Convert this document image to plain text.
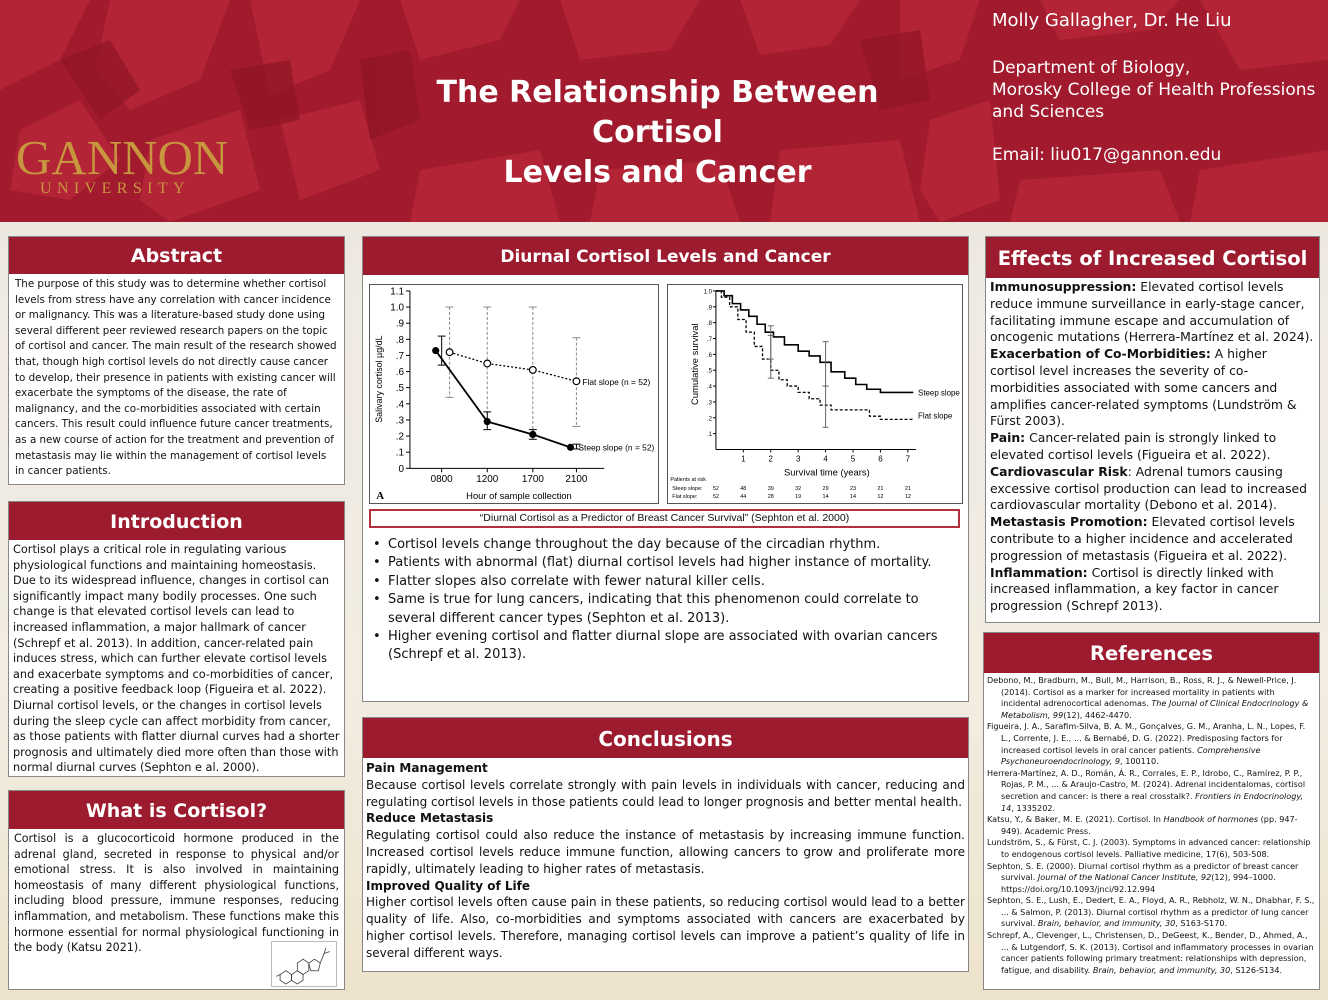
GANNON
UNIVERSITY
The Relationship Between Cortisol
Levels and Cancer
Molly Gallagher, Dr. He Liu
Department of Biology,
Morosky College of Health Professions
and Sciences
Email: liu017@gannon.edu
Abstract
The purpose of this study was to determine whether cortisol levels from stress have any correlation with cancer incidence or malignancy. This was a literature-based study done using several different peer reviewed research papers on the topic of cortisol and cancer. The main result of the research showed that, though high cortisol levels do not directly cause cancer to develop, their presence in patients with existing cancer will exacerbate the symptoms of the disease, the rate of malignancy, and the co-morbidities associated with certain cancers. This result could influence future cancer treatments, as a new course of action for the treatment and prevention of metastasis may lie within the management of cortisol levels in cancer patients.
Introduction
Cortisol plays a critical role in regulating various physiological functions and maintaining homeostasis. Due to its widespread influence, changes in cortisol can significantly impact many bodily processes. One such change is that elevated cortisol levels can lead to increased inflammation, a major hallmark of cancer (Schrepf et al. 2013). In addition, cancer-related pain induces stress, which can further elevate cortisol levels and exacerbate symptoms and co-morbidities of cancer, creating a positive feedback loop (Figueira et al. 2022). Diurnal cortisol levels, or the changes in cortisol levels during the sleep cycle can affect morbidity from cancer, as those patients with flatter diurnal curves had a shorter prognosis and ultimately died more often than those with normal diurnal curves (Sephton e al. 2000).
What is Cortisol?
Cortisol is a glucocorticoid hormone produced in the adrenal gland, secreted in response to physical and/or emotional stress. It is also involved in maintaining homeostasis of many different physiological functions, including blood pressure, immune responses, reducing inflammation, and metabolism. These functions make this hormone essential for normal physiological functioning in the body (Katsu 2021).
Diurnal Cortisol Levels and Cancer
0
.1
.2
.3
.4
.5
.6
.7
.8
.9
1.0
1.1
0800 1200 1700 2100
Hour of sample collection
Salivary cortisol µg/dL
A
Flat slope (n = 52)
Steep slope (n = 52)
.1
.2
.3
.4
.5
.6
.7
.8
.9
1.0
1	2	3	4	5	6	7
Survival time (years)
Cumulative survival	Steep slope
Flat slope
Patients at risk
Steep slope: 52	48	39	32	29	23	21	21
Flat slope:	52	44	28	19	14	14	12	12
“Diurnal Cortisol as a Predictor of Breast Cancer Survival” (Sephton et al. 2000)
• Cortisol levels change throughout the day because of the circadian rhythm.
• Patients with abnormal (flat) diurnal cortisol levels had higher instance of mortality.
• Flatter slopes also correlate with fewer natural killer cells.
• Same is true for lung cancers, indicating that this phenomenon could correlate to several different cancer types (Sephton et al. 2013).
• Higher evening cortisol and flatter diurnal slope are associated with ovarian cancers (Schrepf et al. 2013).
Conclusions
Pain Management
Because cortisol levels correlate strongly with pain levels in individuals with cancer, reducing and regulating cortisol levels in those patients could lead to longer prognosis and better mental health.
Reduce Metastasis
Regulating cortisol could also reduce the instance of metastasis by increasing immune function. Increased cortisol levels reduce immune function, allowing cancers to grow and proliferate more rapidly, ultimately leading to higher rates of metastasis.
Improved Quality of Life
Higher cortisol levels often cause pain in these patients, so reducing cortisol would lead to a better quality of life. Also, co-morbidities and symptoms associated with cancers are exacerbated by higher cortisol levels. Therefore, managing cortisol levels can improve a patient’s quality of life in several different ways.
Effects of Increased Cortisol
Immunosuppression: Elevated cortisol levels reduce immune surveillance in early-stage cancer, facilitating immune escape and accumulation of oncogenic mutations (Herrera-Martínez et al. 2024).
Exacerbation of Co-Morbidities: A higher cortisol level increases the severity of co-morbidities associated with some cancers and amplifies cancer-related symptoms (Lundström & Fürst 2003).
Pain: Cancer-related pain is strongly linked to elevated cortisol levels (Figueira et al. 2022).
Cardiovascular Risk: Adrenal tumors causing excessive cortisol production can lead to increased cardiovascular mortality (Debono et al. 2014).
Metastasis Promotion: Elevated cortisol levels contribute to a higher incidence and accelerated progression of metastasis (Figueira et al. 2022).
Inflammation: Cortisol is directly linked with increased inflammation, a key factor in cancer progression (Schrepf 2013).
References

Debono, M., Bradburn, M., Bull, M., Harrison, B., Ross, R. J., & Newell-Price, J. (2014). Cortisol as a marker for increased mortality in patients with incidental adrenocortical adenomas. The Journal of Clinical Endocrinology & Metabolism, 99(12), 4462-4470.

Figueira, J. A., Sarafim-Silva, B. A. M., Gonçalves, G. M., Aranha, L. N., Lopes, F. L., Corrente, J. E., ... & Bernabé, D. G. (2022). Predisposing factors for increased cortisol levels in oral cancer patients. Comprehensive Psychoneuroendocrinology, 9, 100110.

Herrera-Martínez, A. D., Román, Á. R., Corrales, E. P., Idrobo, C., Ramírez, P. P., Rojas, P. M., ... & Araujo-Castro, M. (2024). Adrenal incidentalomas, cortisol secretion and cancer: is there a real crosstalk?. Frontiers in Endocrinology, 14, 1335202.

Katsu, Y., & Baker, M. E. (2021). Cortisol. In Handbook of hormones (pp. 947-949). Academic Press.

Lundström, S., & Fürst, C. J. (2003). Symptoms in advanced cancer: relationship to endogenous cortisol levels. Palliative medicine, 17(6), 503-508.

Sephton, S. E. (2000). Diurnal cortisol rhythm as a predictor of breast cancer survival. Journal of the National Cancer Institute, 92(12), 994–1000. https://doi.org/10.1093/jnci/92.12.994

Sephton, S. E., Lush, E., Dedert, E. A., Floyd, A. R., Rebholz, W. N., Dhabhar, F. S., ... & Salmon, P. (2013). Diurnal cortisol rhythm as a predictor of lung cancer survival. Brain, behavior, and immunity, 30, S163-S170.

Schrepf, A., Clevenger, L., Christensen, D., DeGeest, K., Bender, D., Ahmed, A., ... & Lutgendorf, S. K. (2013). Cortisol and inflammatory processes in ovarian cancer patients following primary treatment: relationships with depression, fatigue, and disability. Brain, behavior, and immunity, 30, S126-S134.
